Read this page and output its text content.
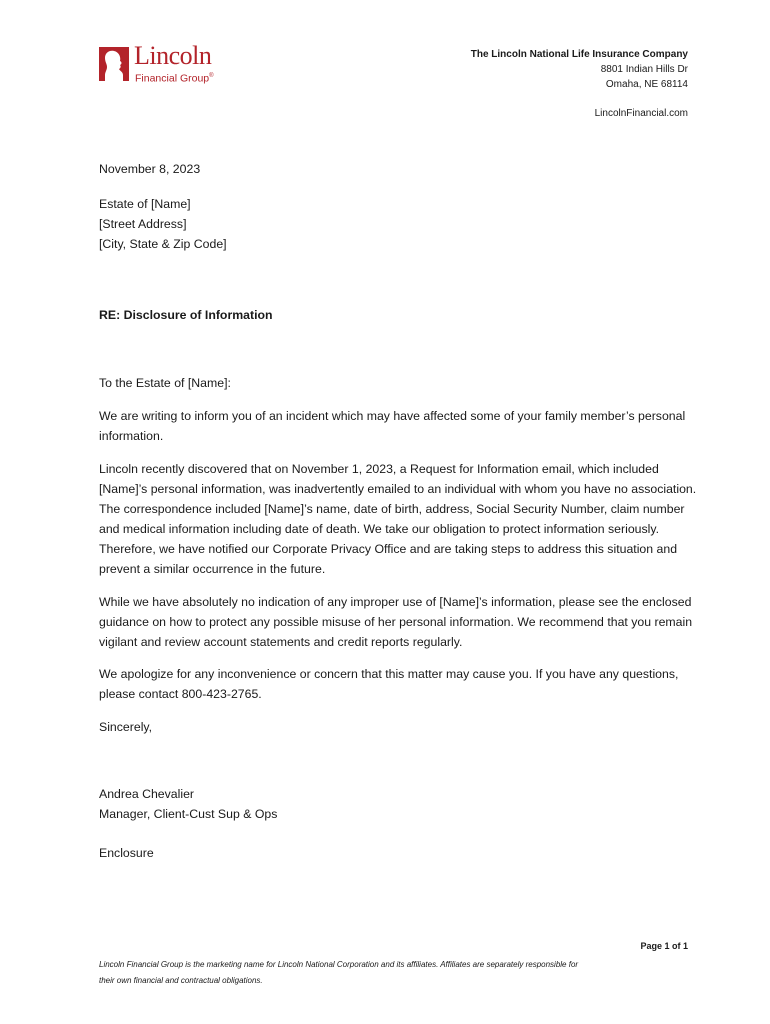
Lincoln
Financial Group®
The Lincoln National Life Insurance Company
8801 Indian Hills Dr
Omaha, NE 68114
LincolnFinancial.com

November 8, 2023

Estate of [Name]

[Street Address]

[City, State & Zip Code]

RE: Disclosure of Information

To the Estate of [Name]:

We are writing to inform you of an incident which may have affected some of your family member’s personal information.

Lincoln recently discovered that on November 1, 2023, a Request for Information email, which included [Name]’s personal information, was inadvertently emailed to an individual with whom you have no association. The correspondence included [Name]’s name, date of birth, address, Social Security Number, claim number and medical information including date of death. We take our obligation to protect information seriously. Therefore, we have notified our Corporate Privacy Office and are taking steps to address this situation and prevent a similar occurrence in the future.

While we have absolutely no indication of any improper use of [Name]’s information, please see the enclosed guidance on how to protect any possible misuse of her personal information. We recommend that you remain vigilant and review account statements and credit reports regularly.

We apologize for any inconvenience or concern that this matter may cause you. If you have any questions, please contact 800-423-2765.

Sincerely,

Andrea Chevalier

Manager, Client-Cust Sup & Ops

Enclosure

Page 1 of 1
Lincoln Financial Group is the marketing name for Lincoln National Corporation and its affiliates. Affiliates are separately responsible for their own financial and contractual obligations.
